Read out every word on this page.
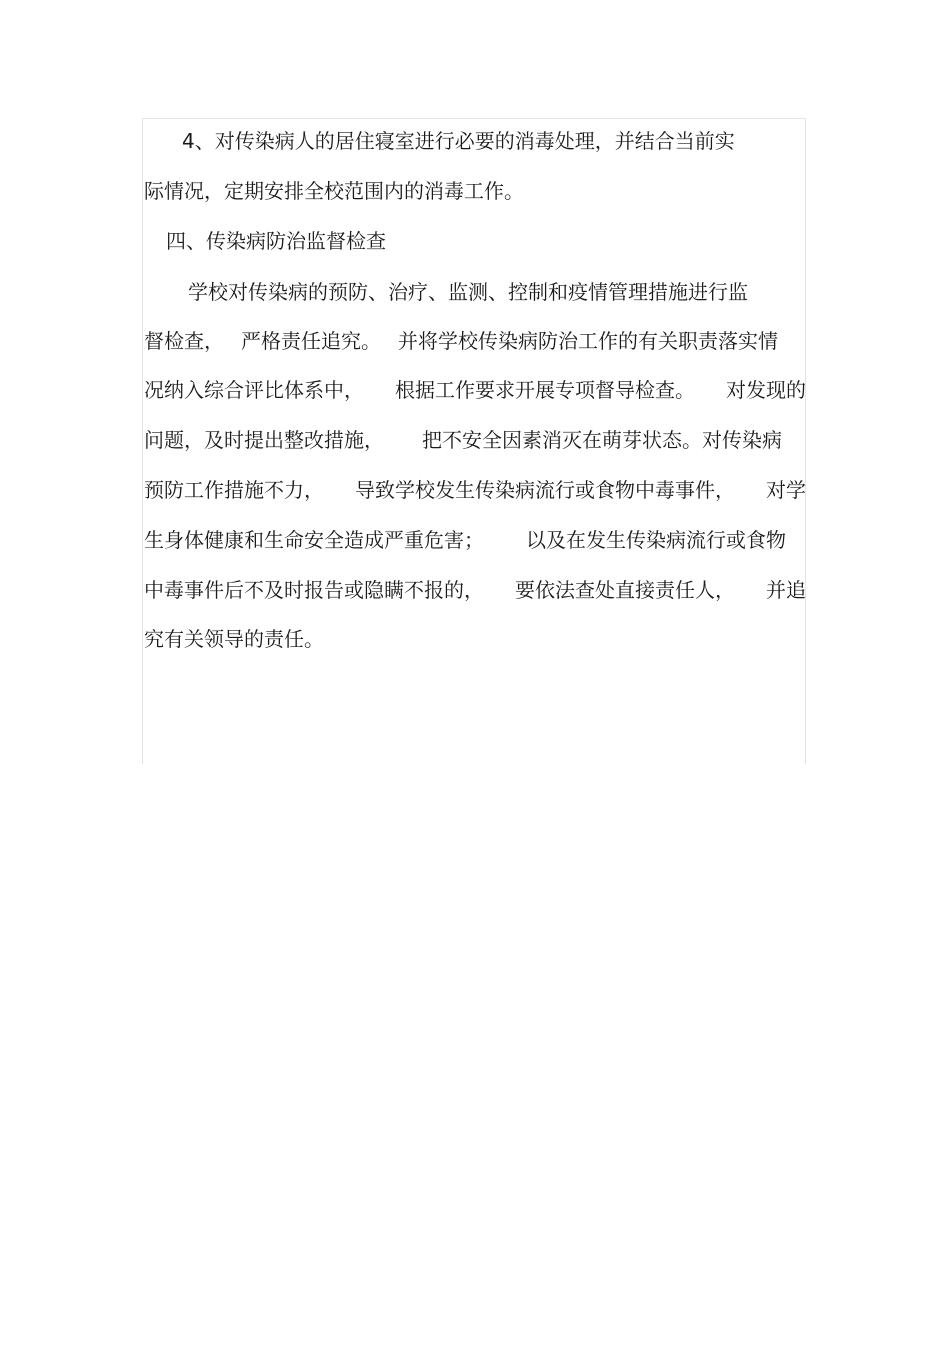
4、对传染病人的居住寝室进行必要的消毒处理，并结合当前实
际情况，定期安排全校范围内的消毒工作。
四、传染病防治监督检查
学校对传染病的预防、治疗、监测、控制和疫情管理措施进行监
督检查， 严格责任追究。 并将学校传染病防治工作的有关职责落实情
况纳入综合评比体系中， 根据工作要求开展专项督导检查。 对发现的
问题，及时提出整改措施， 把不安全因素消灭在萌芽状态。对传染病
预防工作措施不力， 导致学校发生传染病流行或食物中毒事件， 对学
生身体健康和生命安全造成严重危害； 以及在发生传染病流行或食物
中毒事件后不及时报告或隐瞒不报的， 要依法查处直接责任人， 并追
究有关领导的责任。
